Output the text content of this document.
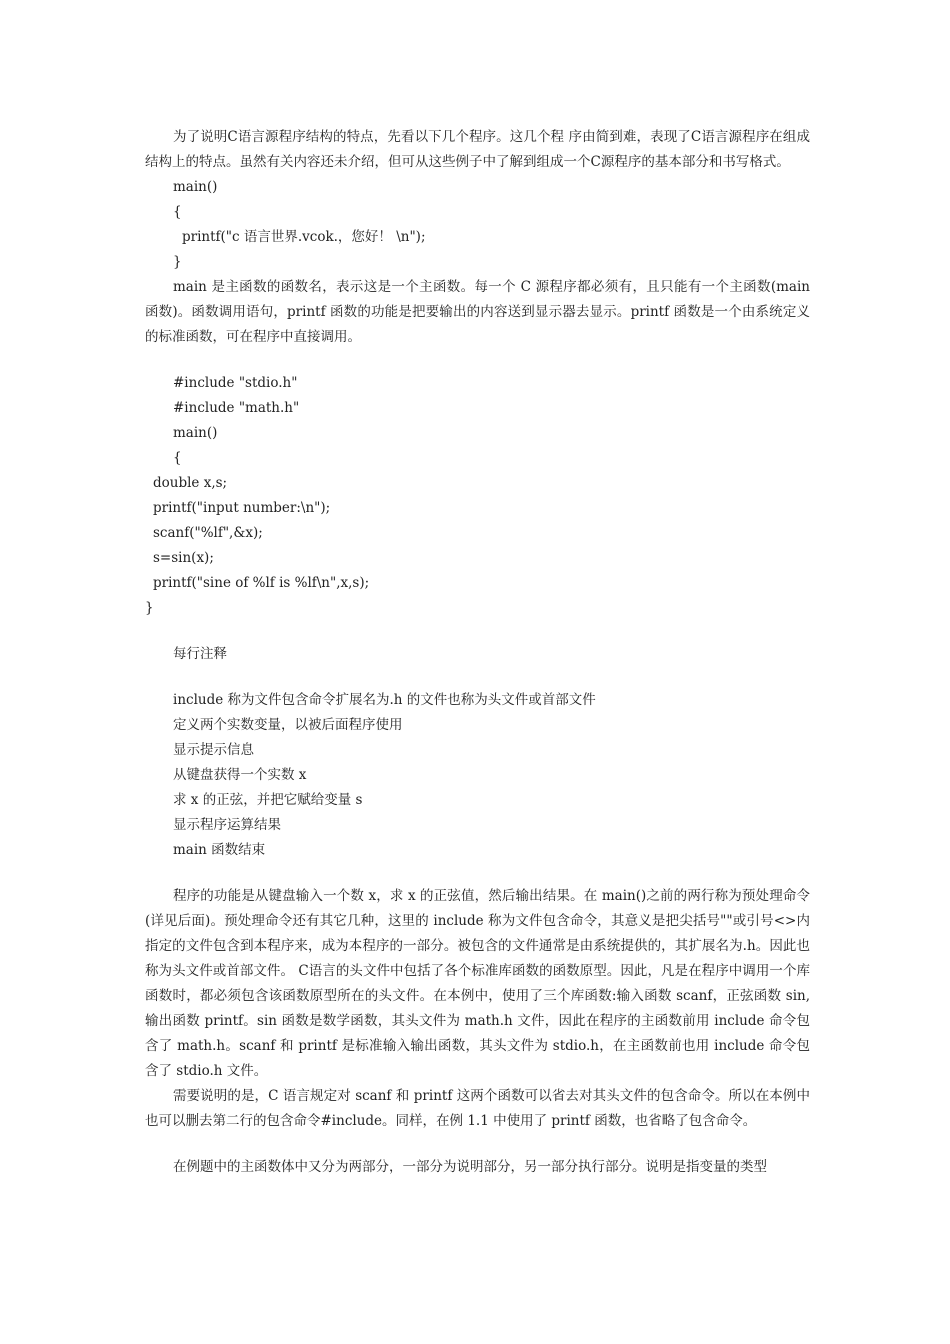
为了说明C语言源程序结构的特点，先看以下几个程序。这几个程 序由简到难，表现了C语言源程序在组成结构上的特点。虽然有关内容还未介绍，但可从这些例子中了解到组成一个C源程序的基本部分和书写格式。

main()

{

printf("c 语言世界.vcok.，您好！ \n");

}

main 是主函数的函数名，表示这是一个主函数。每一个 C 源程序都必须有，且只能有一个主函数(main 函数)。函数调用语句，printf 函数的功能是把要输出的内容送到显示器去显示。printf 函数是一个由系统定义的标准函数，可在程序中直接调用。

#include "stdio.h"

#include "math.h"

main()

{

double x,s;

printf("input number:\n");

scanf("%lf",&x);

s=sin(x);

printf("sine of %lf is %lf\n",x,s);

}

每行注释

include 称为文件包含命令扩展名为.h 的文件也称为头文件或首部文件

定义两个实数变量，以被后面程序使用

显示提示信息

从键盘获得一个实数 x

求 x 的正弦，并把它赋给变量 s

显示程序运算结果

main 函数结束

程序的功能是从键盘输入一个数 x，求 x 的正弦值，然后输出结果。在 main()之前的两行称为预处理命令(详见后面)。预处理命令还有其它几种，这里的 include 称为文件包含命令，其意义是把尖括号""或引号<>内指定的文件包含到本程序来，成为本程序的一部分。被包含的文件通常是由系统提供的，其扩展名为.h。因此也称为头文件或首部文件。 C语言的头文件中包括了各个标准库函数的函数原型。因此，凡是在程序中调用一个库函数时，都必须包含该函数原型所在的头文件。在本例中，使用了三个库函数:输入函数 scanf，正弦函数 sin,输出函数 printf。sin 函数是数学函数，其头文件为 math.h 文件，因此在程序的主函数前用 include 命令包含了 math.h。scanf 和 printf 是标准输入输出函数，其头文件为 stdio.h，在主函数前也用 include 命令包含了 stdio.h 文件。

需要说明的是，C 语言规定对 scanf 和 printf 这两个函数可以省去对其头文件的包含命令。所以在本例中也可以删去第二行的包含命令#include。同样，在例 1.1 中使用了 printf 函数，也省略了包含命令。

在例题中的主函数体中又分为两部分，一部分为说明部分，另一部分执行部分。说明是指变量的类型
